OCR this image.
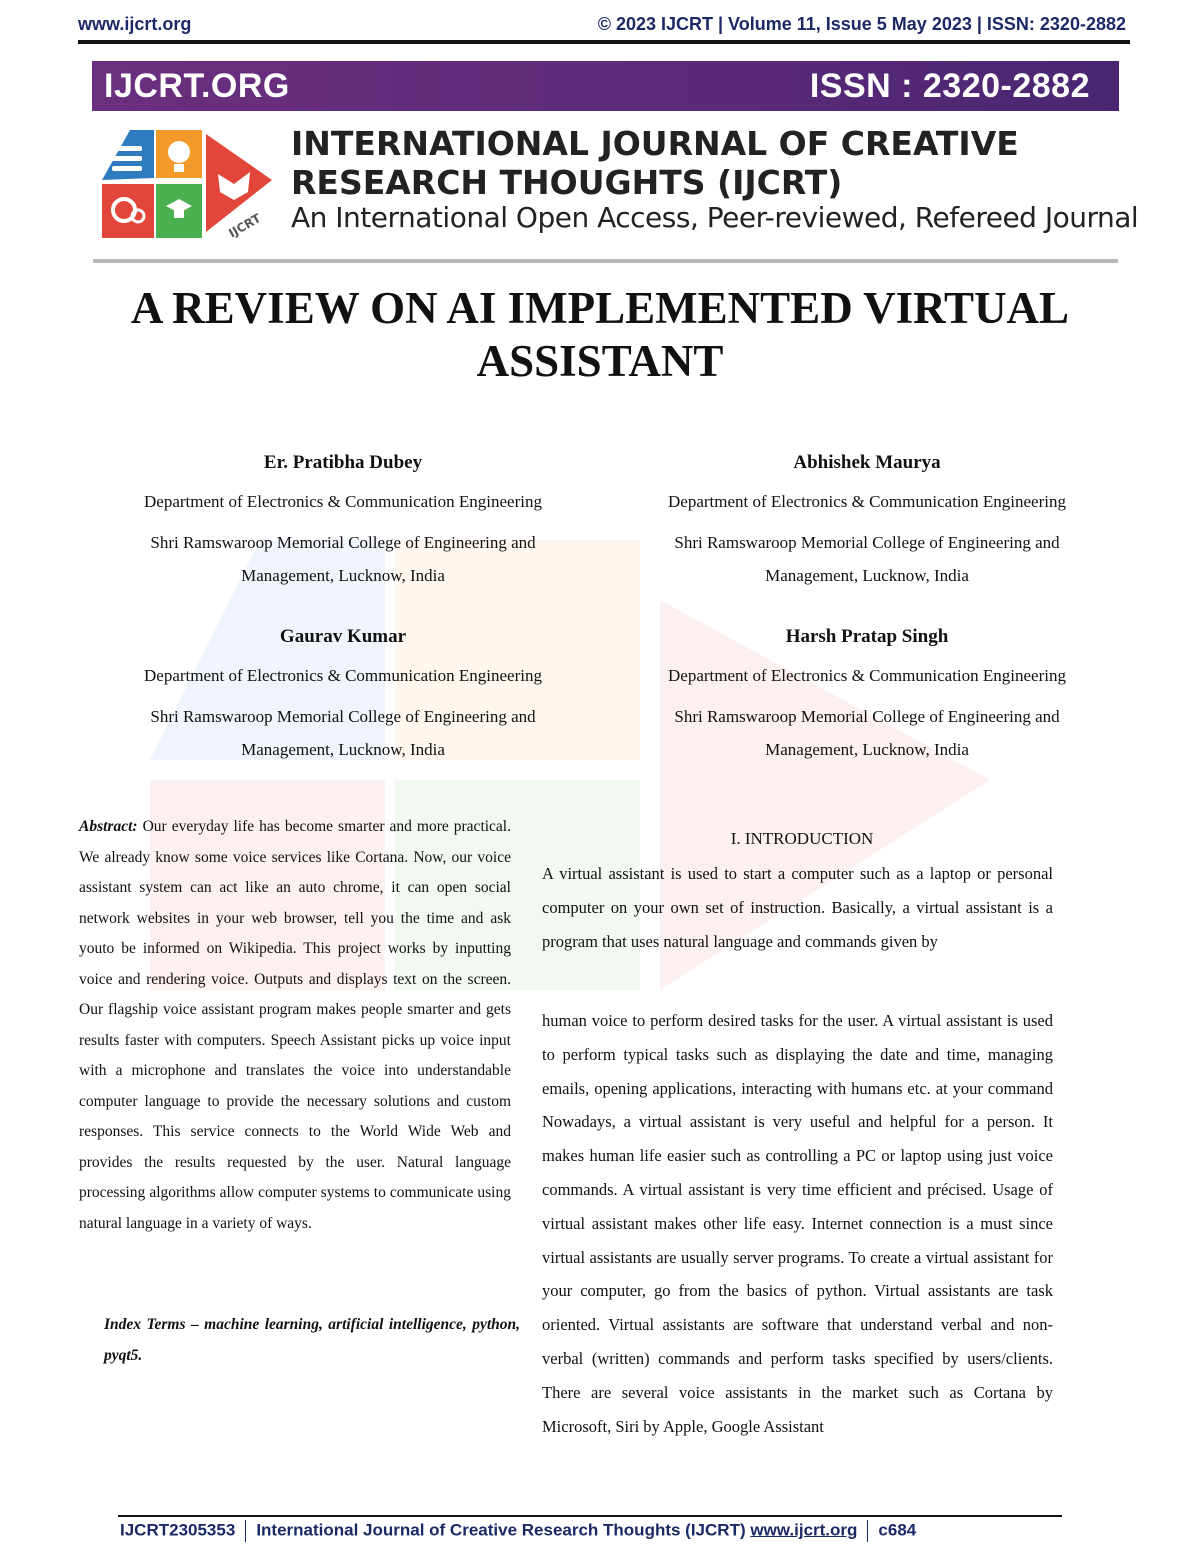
www.ijcrt.org	© 2023 IJCRT | Volume 11, Issue 5 May 2023 | ISSN: 2320-2882
IJCRT.ORG	ISSN : 2320-2882
IJCRT
INTERNATIONAL JOURNAL OF CREATIVE
RESEARCH THOUGHTS (IJCRT)
An International Open Access, Peer-reviewed, Refereed Journal
A REVIEW ON AI IMPLEMENTED VIRTUAL
ASSISTANT
Er. Pratibha Dubey
Department of Electronics & Communication Engineering
Shri Ramswaroop Memorial College of Engineering and
Management, Lucknow, India
Abhishek Maurya
Department of Electronics & Communication Engineering
Shri Ramswaroop Memorial College of Engineering and
Management, Lucknow, India
Gaurav Kumar
Department of Electronics & Communication Engineering
Shri Ramswaroop Memorial College of Engineering and
Management, Lucknow, India
Harsh Pratap Singh
Department of Electronics & Communication Engineering
Shri Ramswaroop Memorial College of Engineering and
Management, Lucknow, India
Abstract: Our everyday life has become smarter and more practical. We already know some voice services like Cortana. Now, our voice assistant system can act like an auto chrome, it can open social network websites in your web browser, tell you the time and ask youto be informed on Wikipedia. This project works by inputting voice and rendering voice. Outputs and displays text on the screen. Our flagship voice assistant program makes people smarter and gets results faster with computers. Speech Assistant picks up voice input with a microphone and translates the voice into understandable computer language to provide the necessary solutions and custom responses. This service connects to the World Wide Web and provides the results requested by the user. Natural language processing algorithms allow computer systems to communicate using natural language in a variety of ways.
Index Terms – machine learning, artificial intelligence, python, pyqt5.
I. INTRODUCTION
A virtual assistant is used to start a computer such as a laptop or personal computer on your own set of instruction. Basically, a virtual assistant is a program that uses natural language and commands given by
human voice to perform desired tasks for the user. A virtual assistant is used to perform typical tasks such as displaying the date and time, managing emails, opening applications, interacting with humans etc. at your command Nowadays, a virtual assistant is very useful and helpful for a person. It makes human life easier such as controlling a PC or laptop using just voice commands. A virtual assistant is very time efficient and précised. Usage of virtual assistant makes other life easy. Internet connection is a must since virtual assistants are usually server programs. To create a virtual assistant for your computer, go from the basics of python. Virtual assistants are task oriented. Virtual assistants are software that understand verbal and non-verbal (written) commands and perform tasks specified by users/clients. There are several voice assistants in the market such as Cortana by Microsoft, Siri by Apple, Google Assistant
IJCRT2305353 International Journal of Creative Research Thoughts (IJCRT) www.ijcrt.org c684
